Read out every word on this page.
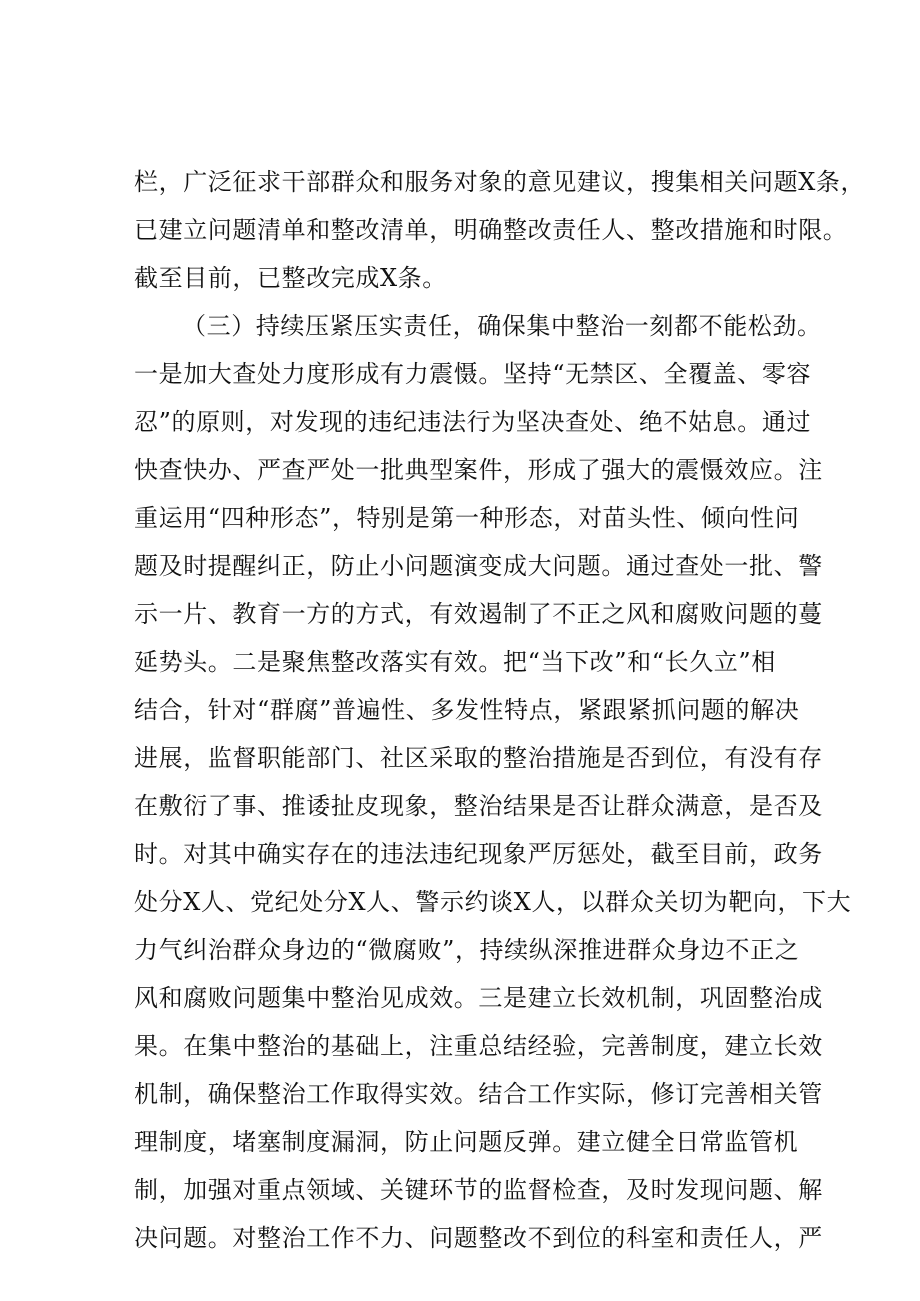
栏，广泛征求干部群众和服务对象的意见建议，搜集相关问题X条，
已建立问题清单和整改清单，明确整改责任人、整改措施和时限。
截至目前，已整改完成X条。
（三）持续压紧压实责任，确保集中整治一刻都不能松劲。
一是加大查处力度形成有力震慑。坚持“无禁区、全覆盖、零容
忍”的原则，对发现的违纪违法行为坚决查处、绝不姑息。通过
快查快办、严查严处一批典型案件，形成了强大的震慑效应。注
重运用“四种形态”，特别是第一种形态，对苗头性、倾向性问
题及时提醒纠正，防止小问题演变成大问题。通过查处一批、警
示一片、教育一方的方式，有效遏制了不正之风和腐败问题的蔓
延势头。二是聚焦整改落实有效。把“当下改”和“长久立”相
结合，针对“群腐”普遍性、多发性特点，紧跟紧抓问题的解决
进展，监督职能部门、社区采取的整治措施是否到位，有没有存
在敷衍了事、推诿扯皮现象，整治结果是否让群众满意，是否及
时。对其中确实存在的违法违纪现象严厉惩处，截至目前，政务
处分X人、党纪处分X人、警示约谈X人，以群众关切为靶向，下大
力气纠治群众身边的“微腐败”，持续纵深推进群众身边不正之
风和腐败问题集中整治见成效。三是建立长效机制，巩固整治成
果。在集中整治的基础上，注重总结经验，完善制度，建立长效
机制，确保整治工作取得实效。结合工作实际，修订完善相关管
理制度，堵塞制度漏洞，防止问题反弹。建立健全日常监管机
制，加强对重点领域、关键环节的监督检查，及时发现问题、解
决问题。对整治工作不力、问题整改不到位的科室和责任人，严
